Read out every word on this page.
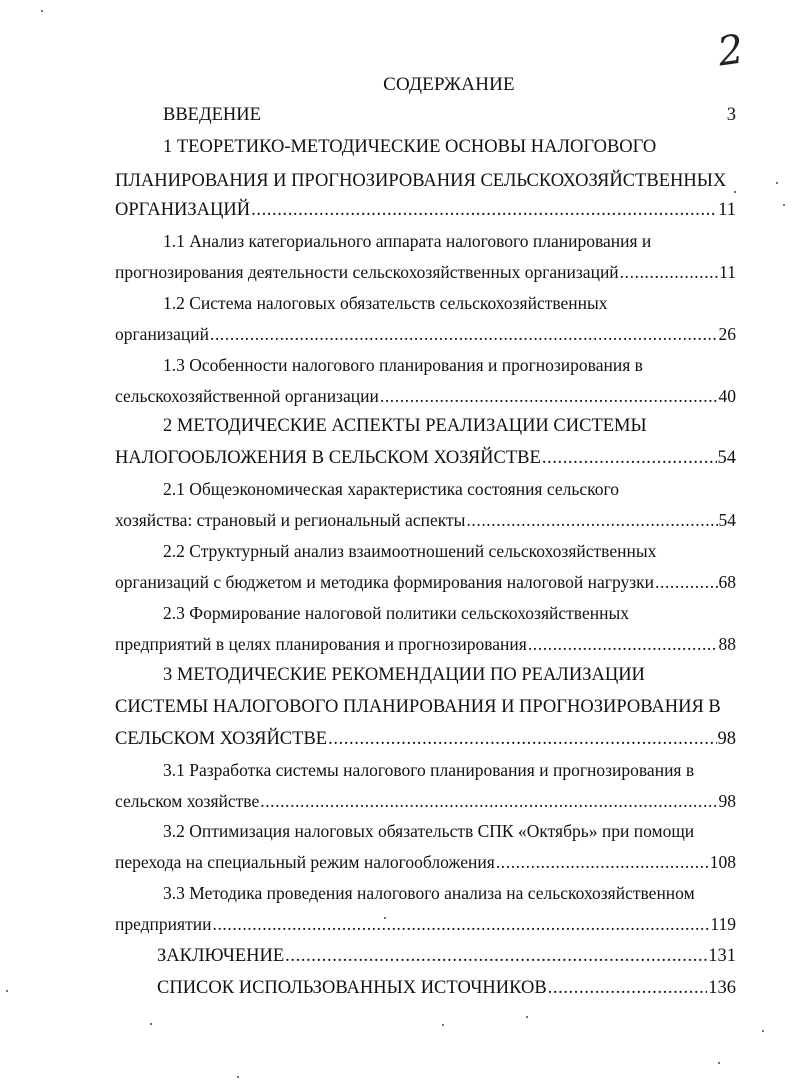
2
СОДЕРЖАНИЕ
ВВЕДЕНИЕ	3
1 ТЕОРЕТИКО-МЕТОДИЧЕСКИЕ ОСНОВЫ НАЛОГОВОГО
ПЛАНИРОВАНИЯ И ПРОГНОЗИРОВАНИЯ СЕЛЬСКОХОЗЯЙСТВЕННЫХ
ОРГАНИЗАЦИЙ .....	11
1.1 Анализ категориального аппарата налогового планирования и
прогнозирования деятельности сельскохозяйственных организаций .....	11
1.2 Система налоговых обязательств сельскохозяйственных
организаций .....	26
1.3 Особенности налогового планирования и прогнозирования в
сельскохозяйственной организации .....	40
2 МЕТОДИЧЕСКИЕ АСПЕКТЫ РЕАЛИЗАЦИИ СИСТЕМЫ
НАЛОГООБЛОЖЕНИЯ В СЕЛЬСКОМ ХОЗЯЙСТВЕ .....	54
2.1 Общеэкономическая характеристика состояния сельского
хозяйства: страновый и региональный аспекты .....	54
2.2 Структурный анализ взаимоотношений сельскохозяйственных
организаций с бюджетом и методика формирования налоговой нагрузки .....	68
2.3 Формирование налоговой политики сельскохозяйственных
предприятий в целях планирования и прогнозирования .....	88
3 МЕТОДИЧЕСКИЕ РЕКОМЕНДАЦИИ ПО РЕАЛИЗАЦИИ
СИСТЕМЫ НАЛОГОВОГО ПЛАНИРОВАНИЯ И ПРОГНОЗИРОВАНИЯ В
СЕЛЬСКОМ ХОЗЯЙСТВЕ .....	98
3.1 Разработка системы налогового планирования и прогнозирования в
сельском хозяйстве .....	98
3.2 Оптимизация налоговых обязательств СПК «Октябрь» при помощи
перехода на специальный режим налогообложения .....	108
3.3 Методика проведения налогового анализа на сельскохозяйственном
предприятии .....	119
ЗАКЛЮЧЕНИЕ .....	131
СПИСОК ИСПОЛЬЗОВАННЫХ ИСТОЧНИКОВ .....	136
